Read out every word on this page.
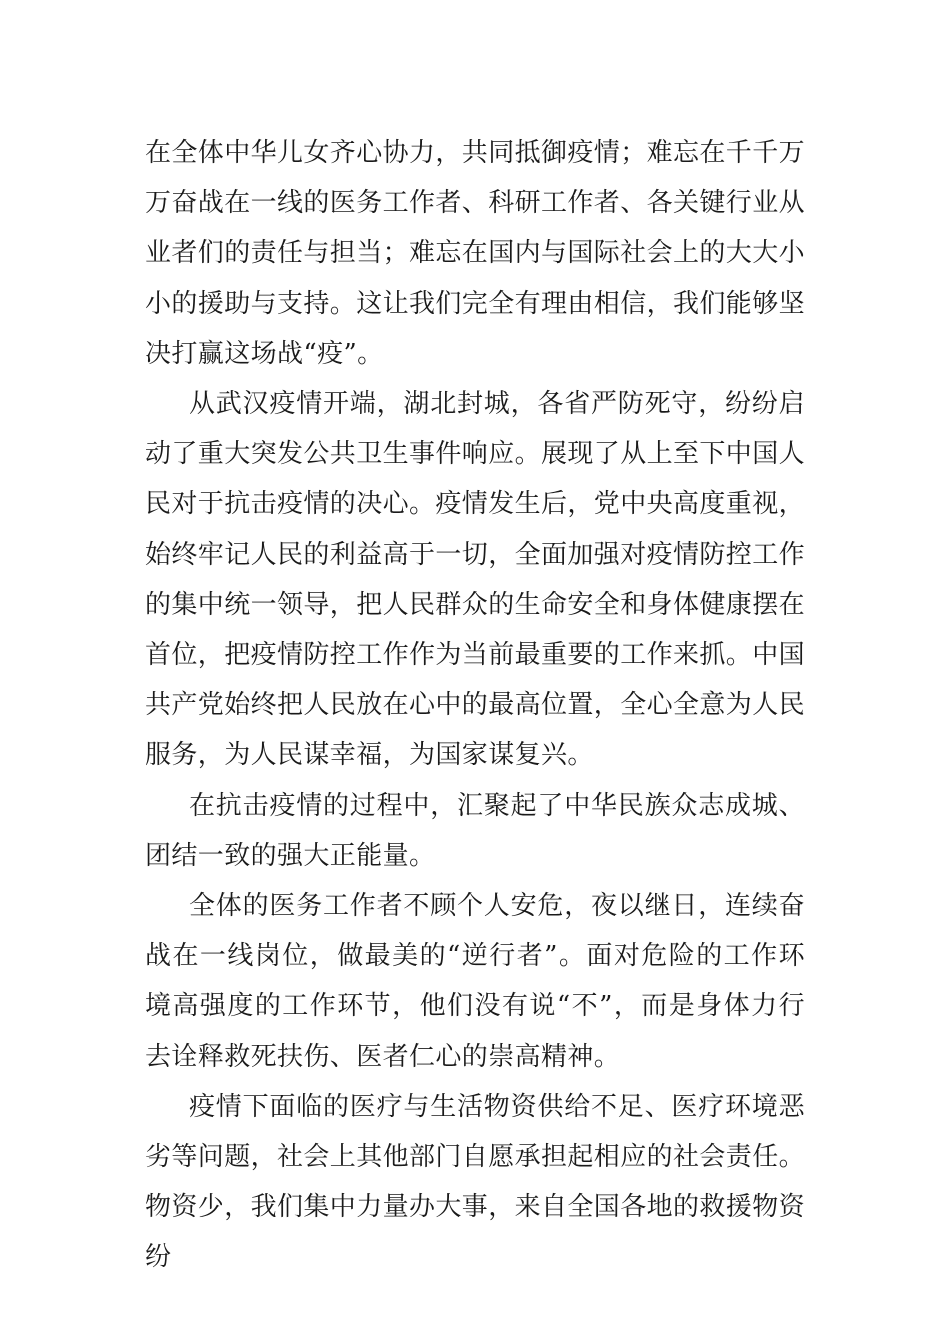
在全体中华儿女齐心协力，共同抵御疫情；难忘在千千万万奋战在一线的医务工作者、科研工作者、各关键行业从业者们的责任与担当；难忘在国内与国际社会上的大大小小的援助与支持。这让我们完全有理由相信，我们能够坚决打赢这场战“疫”。

从武汉疫情开端，湖北封城，各省严防死守，纷纷启动了重大突发公共卫生事件响应。展现了从上至下中国人民对于抗击疫情的决心。疫情发生后，党中央高度重视，始终牢记人民的利益高于一切，全面加强对疫情防控工作的集中统一领导，把人民群众的生命安全和身体健康摆在首位，把疫情防控工作作为当前最重要的工作来抓。中国共产党始终把人民放在心中的最高位置，全心全意为人民服务，为人民谋幸福，为国家谋复兴。

在抗击疫情的过程中，汇聚起了中华民族众志成城、团结一致的强大正能量。

全体的医务工作者不顾个人安危，夜以继日，连续奋战在一线岗位，做最美的“逆行者”。面对危险的工作环境高强度的工作环节，他们没有说“不”，而是身体力行去诠释救死扶伤、医者仁心的崇高精神。

疫情下面临的医疗与生活物资供给不足、医疗环境恶劣等问题，社会上其他部门自愿承担起相应的社会责任。物资少，我们集中力量办大事，来自全国各地的救援物资纷
